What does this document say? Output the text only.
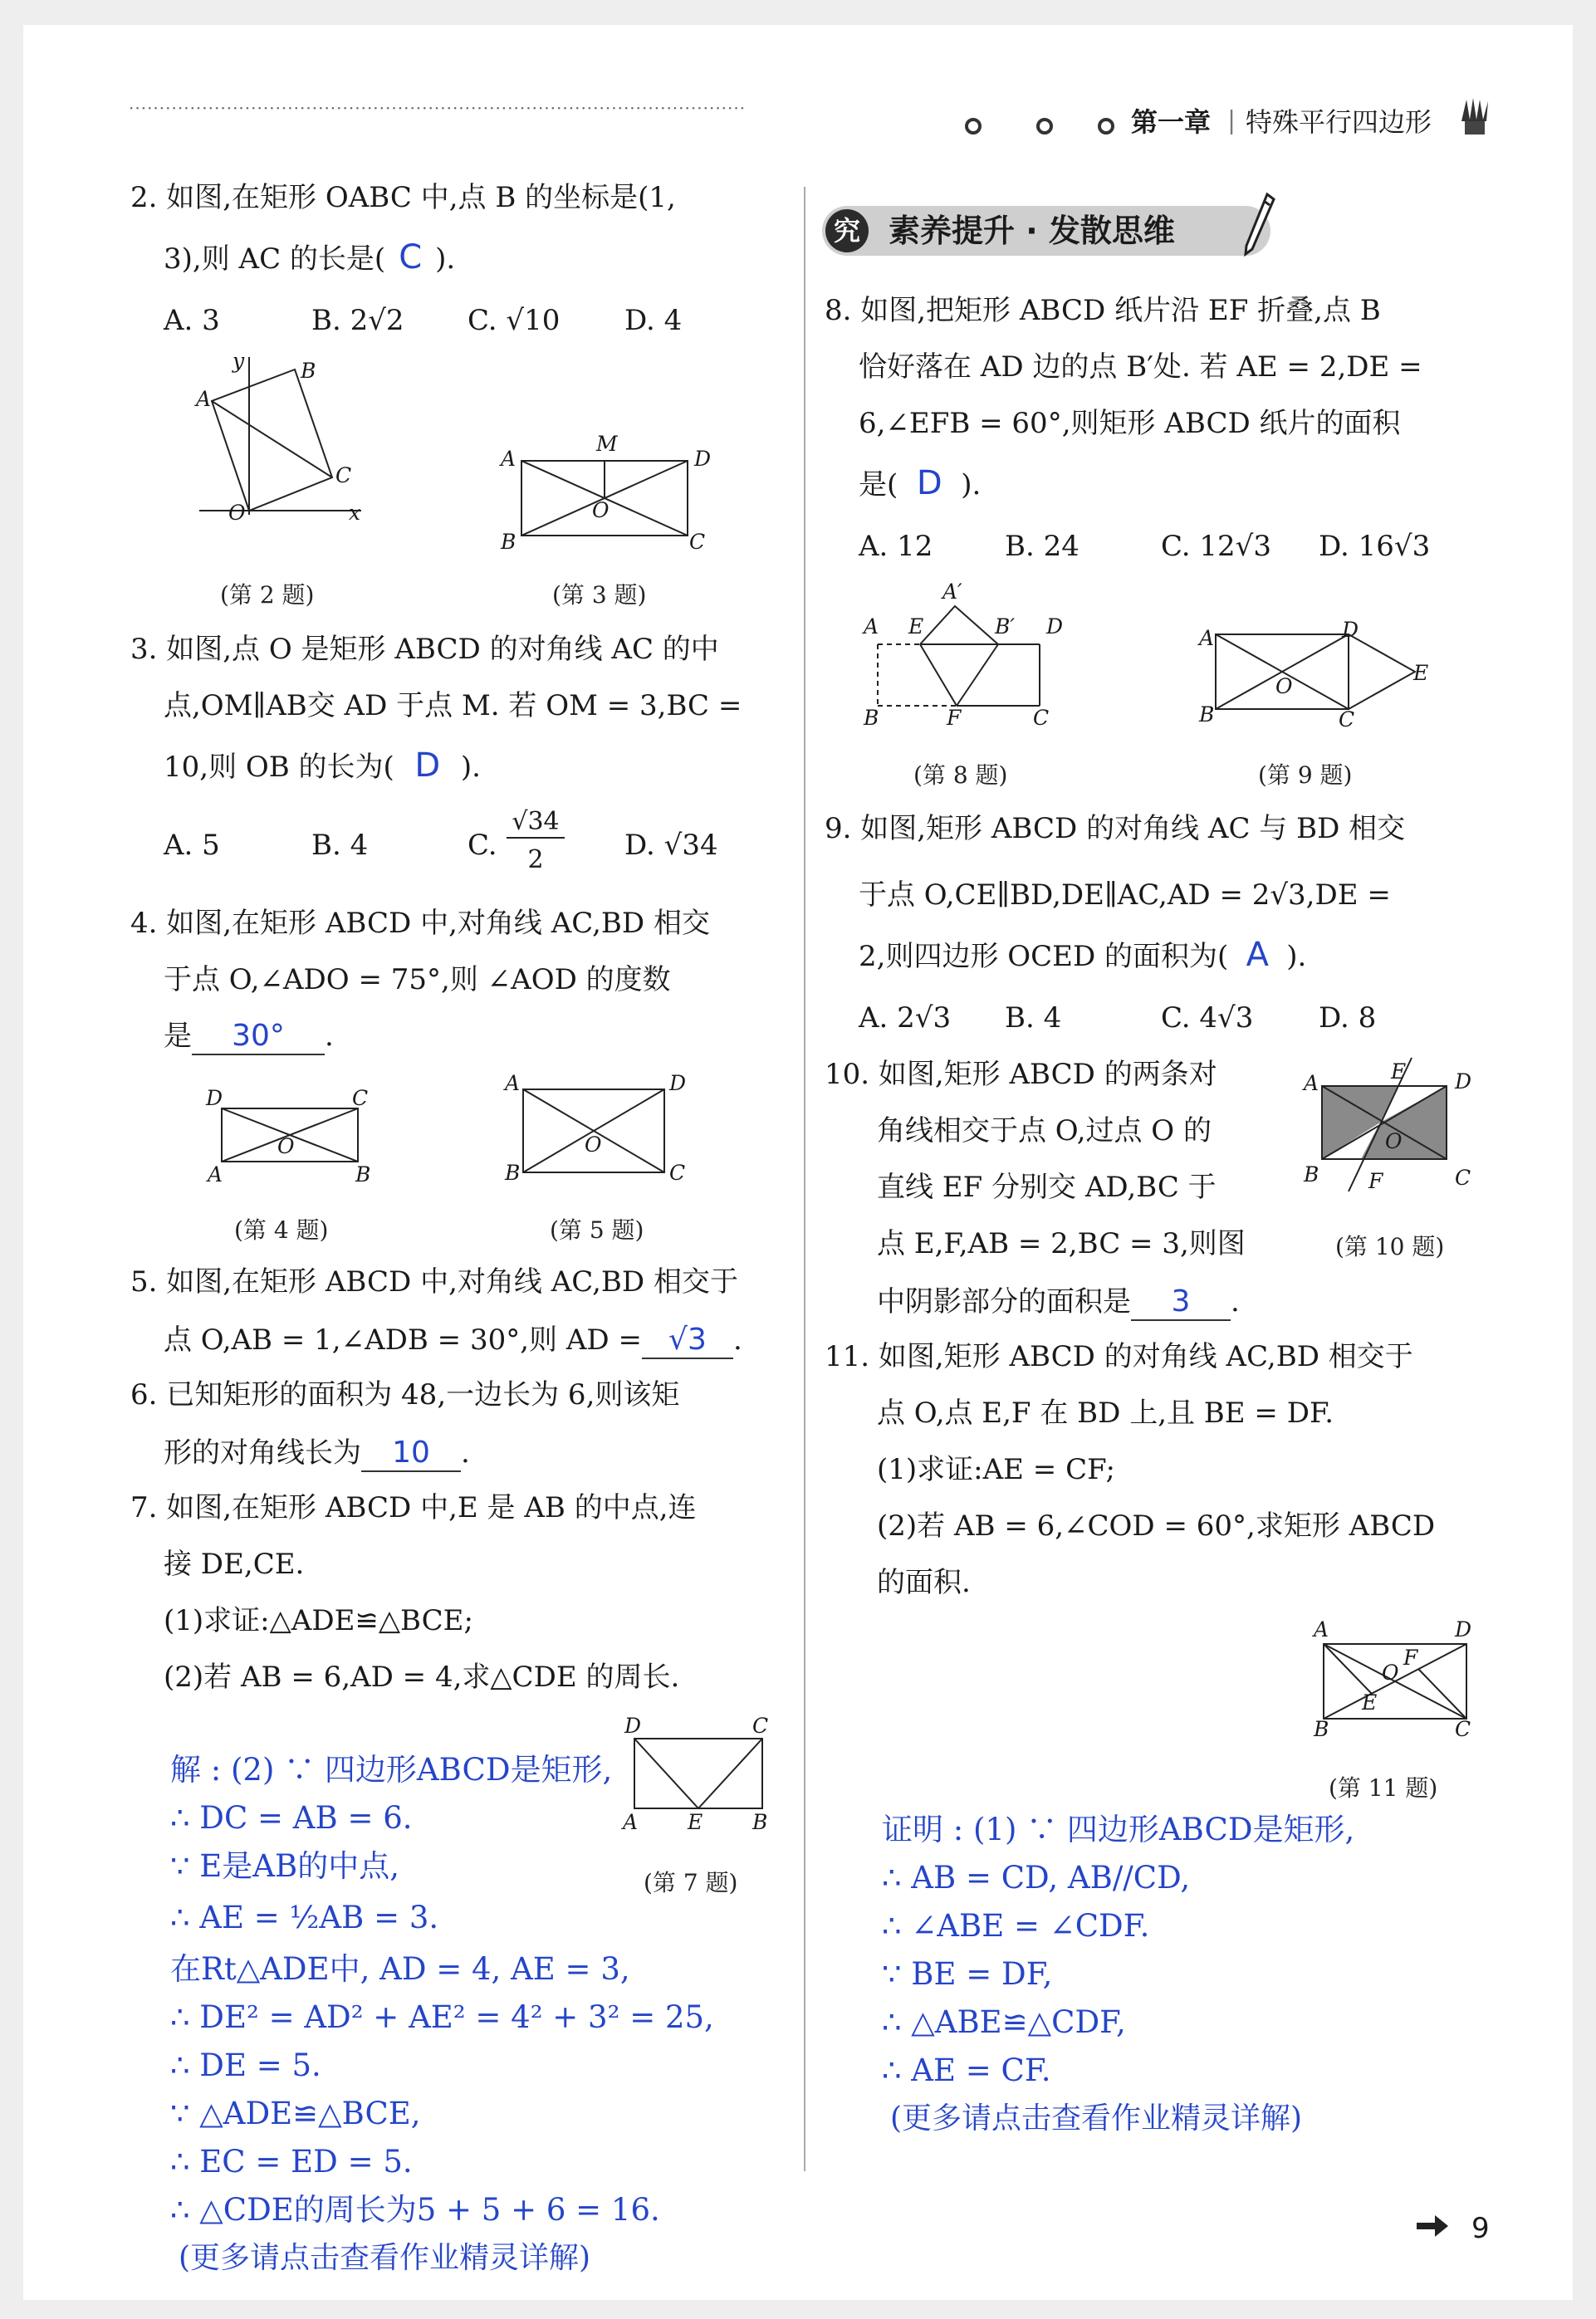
·····································································································	第一章 | 特殊平行四边形
2. 如图,在矩形 OABC 中,点 B 的坐标是(1,
3),则 AC 的长是( C ).
A. 3	B. 2√2 C. √10 D. 4
y	B
A
C
O	x
(第 2 题)
A
M
D
O
B	C
(第 3 题)
3. 如图,点 O 是矩形 ABCD 的对角线 AC 的中
点,OM∥AB交 AD 于点 M. 若 OM = 3,BC =
10,则 OB 的长为( D ).
A. 5	B. 4	C.
√34
2	D. √34
4. 如图,在矩形 ABCD 中,对角线 AC,BD 相交
于点 O,∠ADO = 75°,则 ∠AOD 的度数
是 30° .
D	C
O
A	B
(第 4 题)
A	D
O
B	C
(第 5 题)
5. 如图,在矩形 ABCD 中,对角线 AC,BD 相交于
点 O,AB = 1,∠ADB = 30°,则 AD = √3 .
6. 已知矩形的面积为 48,一边长为 6,则该矩
形的对角线长为 10 .
7. 如图,在矩形 ABCD 中,E 是 AB 的中点,连
接 DE,CE.
(1)求证:△ADE≌△BCE;
(2)若 AB = 6,AD = 4,求△CDE 的周长.
D	C
A E B
(第 7 题)
解 : (2) ∵ 四边形ABCD是矩形,
∴ DC = AB = 6.
∵ E是AB的中点,
∴ AE = ½AB = 3.
在Rt△ADE中, AD = 4, AE = 3,
∴ DE² = AD² + AE² = 4² + 3² = 25,
∴ DE = 5.
∵ △ADE≌△BCE,
∴ EC = ED = 5.
∴ △CDE的周长为5 + 5 + 6 = 16.
(更多请点击查看作业精灵详解)
究 素养提升 · 发散思维
8. 如图,把矩形 ABCD 纸片沿 EF 折叠,点 B
恰好落在 AD 边的点 B′处. 若 AE = 2,DE =
6,∠EFB = 60°,则矩形 ABCD 纸片的面积
是( D ).
A. 12	B. 24	C. 12√3 D. 16√3
A E
A′
B′ D
B	F	C
(第 8 题)
A	D
O
E
B	C
(第 9 题)
9. 如图,矩形 ABCD 的对角线 AC 与 BD 相交
于点 O,CE∥BD,DE∥AC,AD = 2√3,DE =
2,则四边形 OCED 的面积为( A ).
A. 2√3 B. 4	C. 4√3 D. 8
10. 如图,矩形 ABCD 的两条对
角线相交于点 O,过点 O 的
直线 EF 分别交 AD,BC 于
点 E,F,AB = 2,BC = 3,则图
中阴影部分的面积是 3 .
A	E D
O
B F	C
(第 10 题)
11. 如图,矩形 ABCD 的对角线 AC,BD 相交于
点 O,点 E,F 在 BD 上,且 BE = DF.
(1)求证:AE = CF;
(2)若 AB = 6,∠COD = 60°,求矩形 ABCD
的面积.
A	D
F
O
E
B	C
(第 11 题)
证明 : (1) ∵ 四边形ABCD是矩形,
∴ AB = CD, AB//CD,
∴ ∠ABE = ∠CDF.
∵ BE = DF,
∴ △ABE≌△CDF,
∴ AE = CF.
(更多请点击查看作业精灵详解)
9
